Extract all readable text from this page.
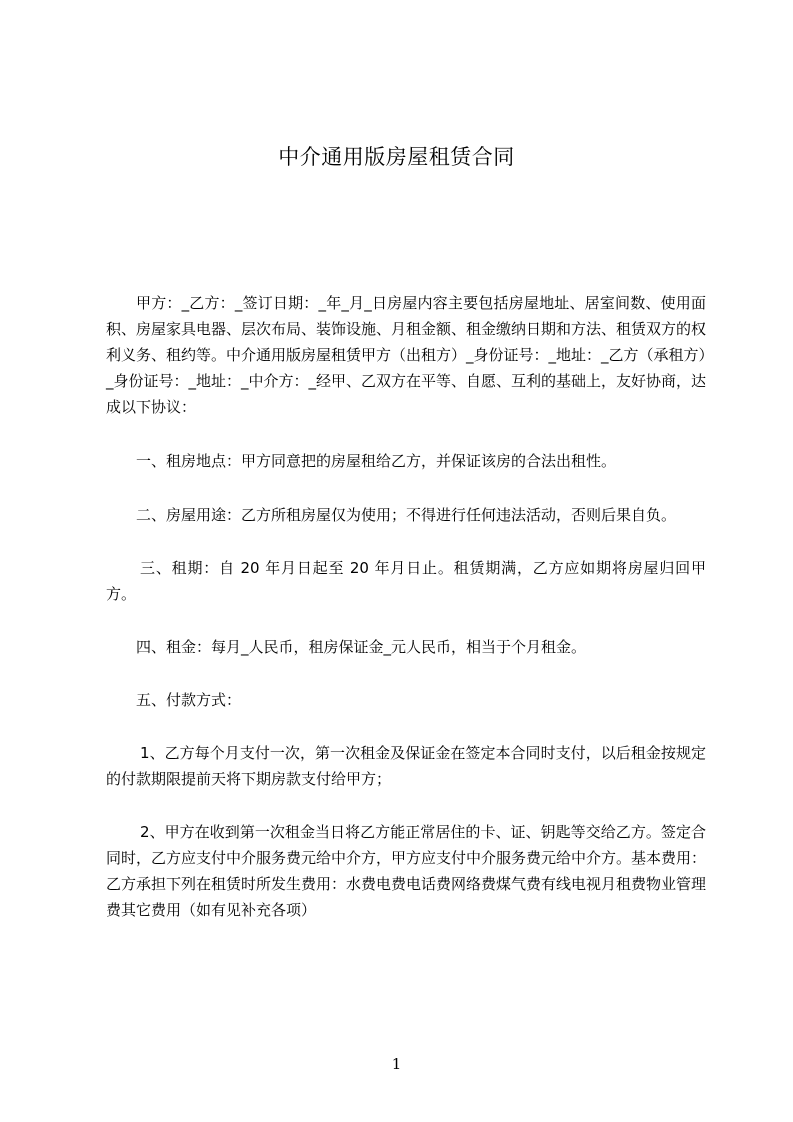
中介通用版房屋租赁合同
甲方：_乙方：_签订日期：_年_月_日房屋内容主要包括房屋地址、居室间数、使用面积、房屋家具电器、层次布局、装饰设施、月租金额、租金缴纳日期和方法、租赁双方的权利义务、租约等。中介通用版房屋租赁甲方（出租方）_身份证号：_地址：_乙方（承租方）_身份证号：_地址：_中介方：_经甲、乙双方在平等、自愿、互利的基础上，友好协商，达成以下协议：
一、租房地点：甲方同意把的房屋租给乙方，并保证该房的合法出租性。
二、房屋用途：乙方所租房屋仅为使用；不得进行任何违法活动，否则后果自负。
三、租期：自 20 年月日起至 20 年月日止。租赁期满，乙方应如期将房屋归回甲方。
四、租金：每月_人民币，租房保证金_元人民币，相当于个月租金。
五、付款方式：
1、乙方每个月支付一次，第一次租金及保证金在签定本合同时支付，以后租金按规定的付款期限提前天将下期房款支付给甲方；
2、甲方在收到第一次租金当日将乙方能正常居住的卡、证、钥匙等交给乙方。签定合同时，乙方应支付中介服务费元给中介方，甲方应支付中介服务费元给中介方。基本费用：乙方承担下列在租赁时所发生费用：水费电费电话费网络费煤气费有线电视月租费物业管理费其它费用（如有见补充各项）
1
